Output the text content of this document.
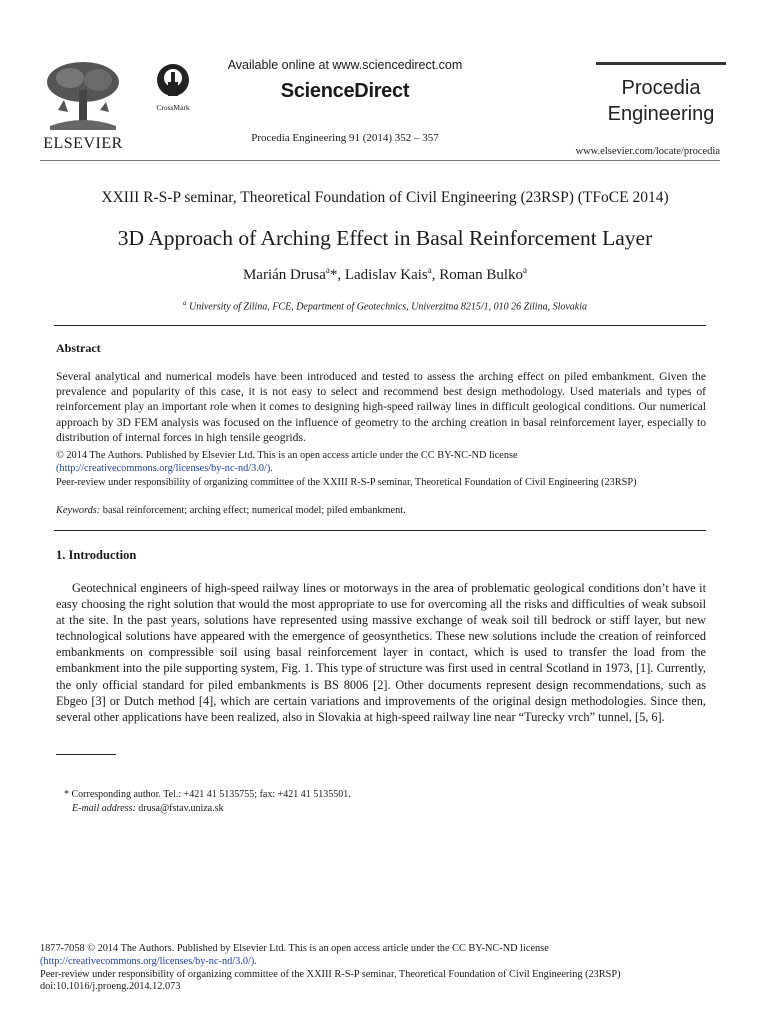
ELSEVIER
CrossMark
Available online at www.sciencedirect.com
ScienceDirect
Procedia Engineering 91 (2014) 352 – 357
Procedia
Engineering
www.elsevier.com/locate/procedia
XXIII R-S-P seminar, Theoretical Foundation of Civil Engineering (23RSP) (TFoCE 2014)
3D Approach of Arching Effect in Basal Reinforcement Layer
Marián Drusa$^a$*, Ladislav Kais$^a$, Roman Bulko$^a$
$^a$ University of Zilina, FCE, Department of Geotechnics, Univerzitna 8215/1, 010 26 Zilina, Slovakia
Abstract
Several analytical and numerical models have been introduced and tested to assess the arching effect on piled embankment. Given the prevalence and popularity of this case, it is not easy to select and recommend best design methodology. Used materials and types of reinforcement play an important role when it comes to designing high-speed railway lines in difficult geological conditions. Our numerical approach by 3D FEM analysis was focused on the influence of geometry to the arching creation in basal reinforcement layer, especially to distribution of internal forces in high tensile geogrids.
© 2014 The Authors. Published by Elsevier Ltd. This is an open access article under the CC BY-NC-ND license
(http://creativecommons.org/licenses/by-nc-nd/3.0/).
Peer-review under responsibility of organizing committee of the XXIII R-S-P seminar, Theoretical Foundation of Civil Engineering (23RSP)
Keywords: basal reinforcement; arching effect; numerical model; piled embankment.
1. Introduction
Geotechnical engineers of high-speed railway lines or motorways in the area of problematic geological conditions don’t have it easy choosing the right solution that would the most appropriate to use for overcoming all the risks and difficulties of weak subsoil at the site. In the past years, solutions have represented using massive exchange of weak soil till bedrock or stiff layer, but new technological solutions have appeared with the emergence of geosynthetics. These new solutions include the creation of reinforced embankments on compressible soil using basal reinforcement layer in contact, which is used to transfer the load from the embankment into the pile supporting system, Fig. 1. This type of structure was first used in central Scotland in 1973, [1]. Currently, the only official standard for piled embankments is BS 8006 [2]. Other documents represent design recommendations, such as Ebgeo [3] or Dutch method [4], which are certain variations and improvements of the original design methodologies. Since then, several other applications have been realized, also in Slovakia at high-speed railway line near “Turecky vrch” tunnel, [5, 6].
* Corresponding author. Tel.: +421 41 5135755; fax: +421 41 5135501.
E-mail address: drusa@fstav.uniza.sk
1877-7058 © 2014 The Authors. Published by Elsevier Ltd. This is an open access article under the CC BY-NC-ND license
(http://creativecommons.org/licenses/by-nc-nd/3.0/).
Peer-review under responsibility of organizing committee of the XXIII R-S-P seminar, Theoretical Foundation of Civil Engineering (23RSP)
doi:10.1016/j.proeng.2014.12.073
